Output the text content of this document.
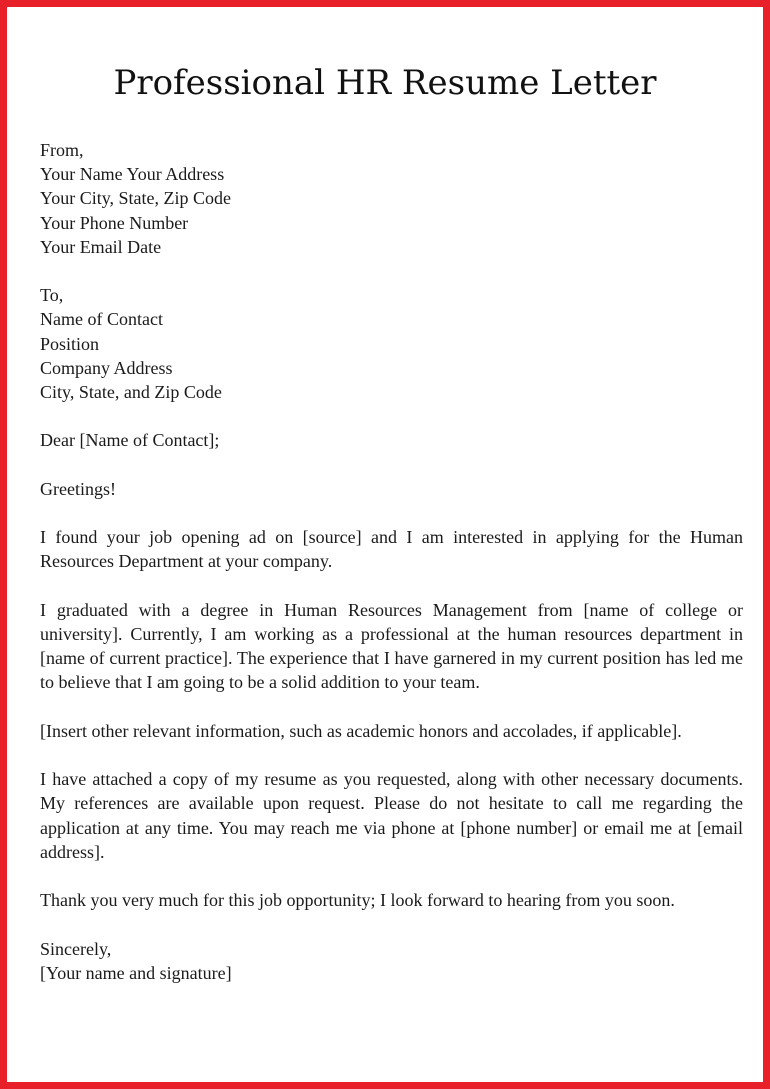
Professional HR Resume Letter
From,
Your Name Your Address
Your City, State, Zip Code
Your Phone Number
Your Email Date
To,
Name of Contact
Position
Company Address
City, State, and Zip Code

Dear [Name of Contact];

Greetings!

I found your job opening ad on [source] and I am interested in applying for the Human Resources Department at your company.

I graduated with a degree in Human Resources Management from [name of college or university]. Currently, I am working as a professional at the human resources department in [name of current practice]. The experience that I have garnered in my current position has led me to believe that I am going to be a solid addition to your team.

[Insert other relevant information, such as academic honors and accolades, if applicable].

I have attached a copy of my resume as you requested, along with other necessary documents. My references are available upon request. Please do not hesitate to call me regarding the application at any time. You may reach me via phone at [phone number] or email me at [email address].

Thank you very much for this job opportunity; I look forward to hearing from you soon.

Sincerely,
[Your name and signature]
